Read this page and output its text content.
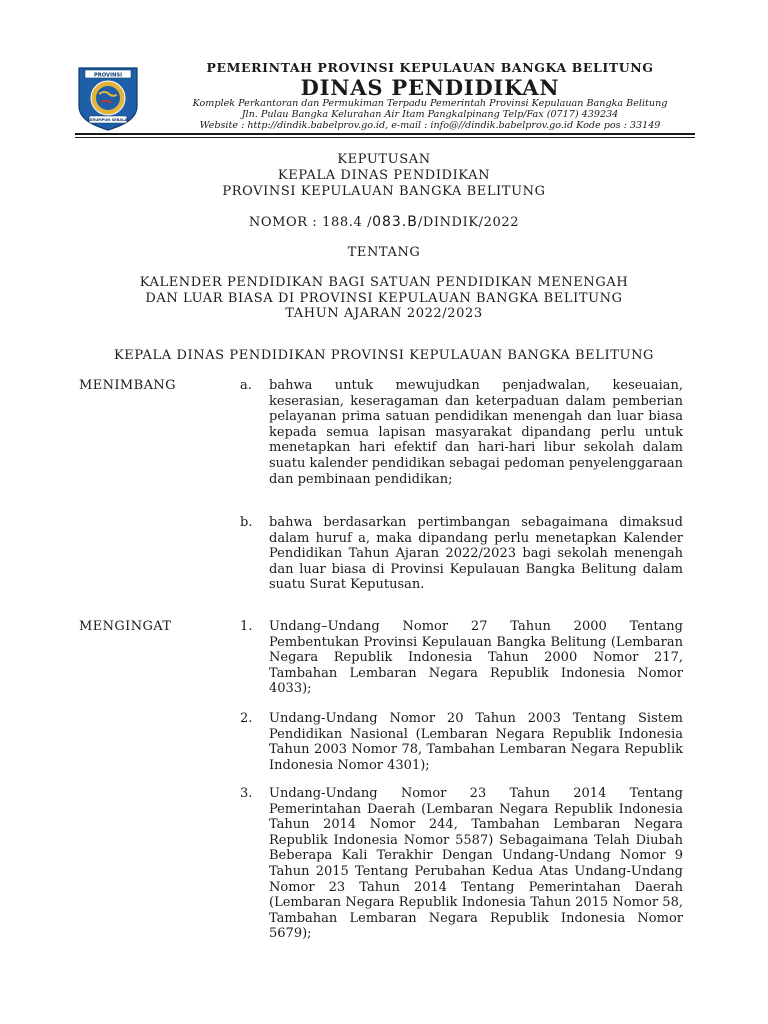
PROVINSI
SERUMPUN SEBALAI
PEMERINTAH PROVINSI KEPULAUAN BANGKA BELITUNG
DINAS PENDIDIKAN
Komplek Perkantoran dan Permukiman Terpadu Pemerintah Provinsi Kepulauan Bangka Belitung
Jln. Pulau Bangka Kelurahan Air Itam Pangkalpinang Telp/Fax (0717) 439234
Website : http://dindik.babelprov.go.id, e-mail : info@//dindik.babelprov.go.id Kode pos : 33149
KEPUTUSAN
KEPALA DINAS PENDIDIKAN
PROVINSI KEPULAUAN BANGKA BELITUNG
NOMOR : 188.4 /083.B/DINDIK/2022
TENTANG
KALENDER PENDIDIKAN BAGI SATUAN PENDIDIKAN MENENGAH
DAN LUAR BIASA DI PROVINSI KEPULAUAN BANGKA BELITUNG
TAHUN AJARAN 2022/2023
KEPALA DINAS PENDIDIKAN PROVINSI KEPULAUAN BANGKA BELITUNG
MENIMBANG	a. bahwa untuk mewujudkan penjadwalan, keseuaian, keserasian, keseragaman dan keterpaduan dalam pemberian pelayanan prima satuan pendidikan menengah dan luar biasa kepada semua lapisan masyarakat dipandang perlu untuk menetapkan hari efektif dan hari-hari libur sekolah dalam suatu kalender pendidikan sebagai pedoman penyelenggaraan dan pembinaan pendidikan;
b. bahwa berdasarkan pertimbangan sebagaimana dimaksud dalam huruf a, maka dipandang perlu menetapkan Kalender Pendidikan Tahun Ajaran 2022/2023 bagi sekolah menengah dan luar biasa di Provinsi Kepulauan Bangka Belitung dalam suatu Surat Keputusan.
MENGINGAT	1. Undang–Undang Nomor 27 Tahun 2000 Tentang Pembentukan Provinsi Kepulauan Bangka Belitung (Lembaran Negara Republik Indonesia Tahun 2000 Nomor 217, Tambahan Lembaran Negara Republik Indonesia Nomor 4033);
2. Undang-Undang Nomor 20 Tahun 2003 Tentang Sistem Pendidikan Nasional (Lembaran Negara Republik Indonesia Tahun 2003 Nomor 78, Tambahan Lembaran Negara Republik Indonesia Nomor 4301);
3. Undang-Undang Nomor 23 Tahun 2014 Tentang Pemerintahan Daerah (Lembaran Negara Republik Indonesia Tahun 2014 Nomor 244, Tambahan Lembaran Negara Republik Indonesia Nomor 5587) Sebagaimana Telah Diubah Beberapa Kali Terakhir Dengan Undang-Undang Nomor 9 Tahun 2015 Tentang Perubahan Kedua Atas Undang-Undang Nomor 23 Tahun 2014 Tentang Pemerintahan Daerah (Lembaran Negara Republik Indonesia Tahun 2015 Nomor 58, Tambahan Lembaran Negara Republik Indonesia Nomor 5679);
